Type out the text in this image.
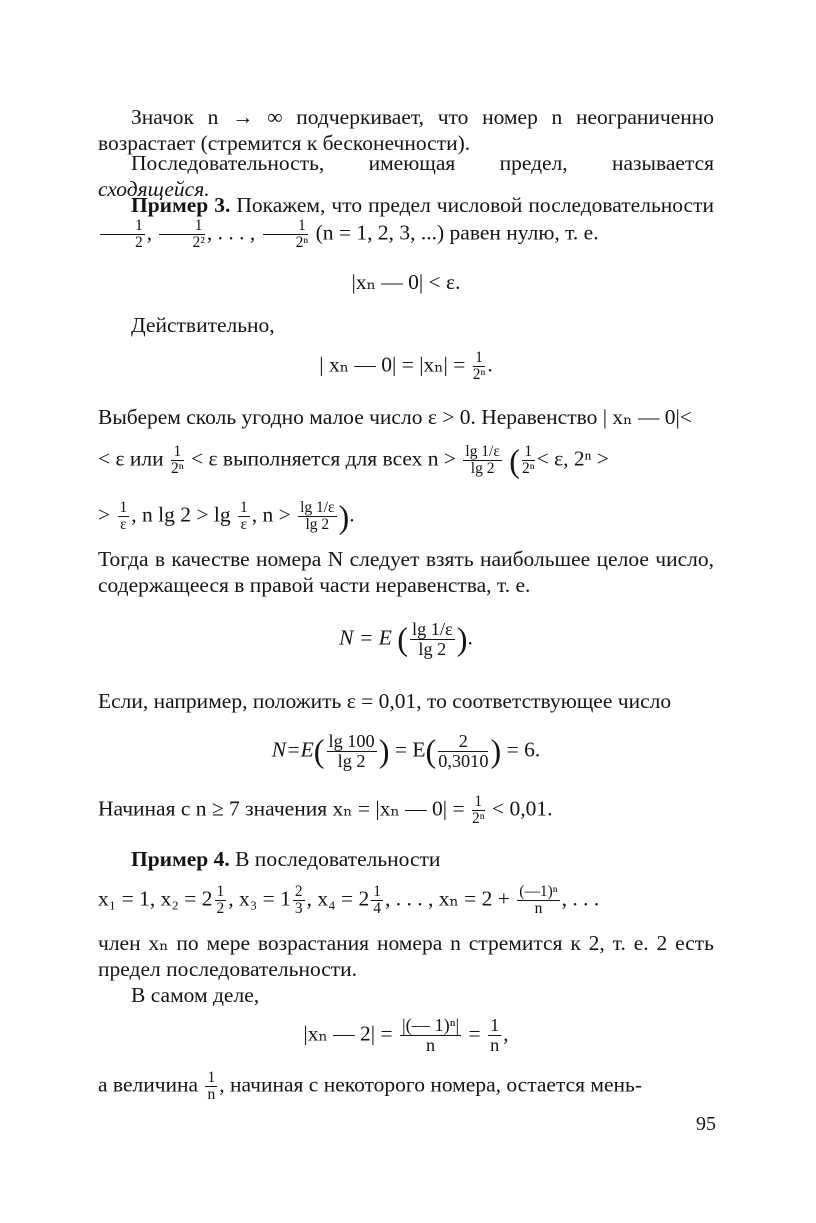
Значок n → ∞ подчеркивает, что номер n неограниченно возрастает (стремится к бесконечности).

Последовательность, имеющая предел, называется сходящейся.

Пример 3. Покажем, что предел числовой последовательности
$\frac{1}{2}$ , $\frac{1}{\text{2²}}$ , . . . , $\frac{1}{\text{2ⁿ}} (n = 1$, 2, 3, ...) равен нулю, т. е.

|xₙ — 0| < ε.

Действительно,

| xₙ — $0| = |x_n| = \frac{1}{\text{2ⁿ}}$ .

Выберем сколь угодно малое число ε > 0. Неравенство | xₙ — 0|<

< ε или $\frac{1}{\text{2ⁿ}} < \varepsilon$ выполняется для всех $n > \frac{\lg 1/\varepsilon}{\lg 2}$ ( $\frac{1}{\text{2ⁿ}} < \varepsilon$, 2ⁿ >

> $\frac{1}{\varepsilon}$ , n $\lg 2 > \lg \frac{1}{\varepsilon}$ , $n > \frac{\lg 1/\varepsilon}{\lg 2}$ ).

Тогда в качестве номера N следует взять наибольшее целое число, содержащееся в правой части неравенства, т. е.

N = E ( $\frac{\lg 1/\varepsilon}{\lg 2}$ ).

Если, например, положить ε = 0,01, то соответствующее число

$N=E( \frac{\lg 100}{\lg 2}$ ) = $E( \frac{2}{0,3010}$ ) = 6.

Начиная с n ≥ 7 значения xₙ = |xₙ — $0| = \frac{1}{\text{2ⁿ}} < 0,01$.

Пример 4. В последовательности

x₁ = 1, $x_2 = 2 \frac{1}{2}$ , $x_3 = 1 \frac{2}{3}$ , $x_4 = 2 \frac{1}{4}$ , . . . , $x_n = 2 + \frac{\text{(—1)ⁿ}}{n}$ , . . .

член xₙ по мере возрастания номера n стремится к 2, т. е. 2 есть предел последовательности.

В самом деле,

|xₙ — $2| = \frac{\text{|(— 1)ⁿ|}}{n} = \frac{1}{n}$ ,

а величина $\frac{1}{n}$ , начиная с некоторого номера, остается мень-

95
